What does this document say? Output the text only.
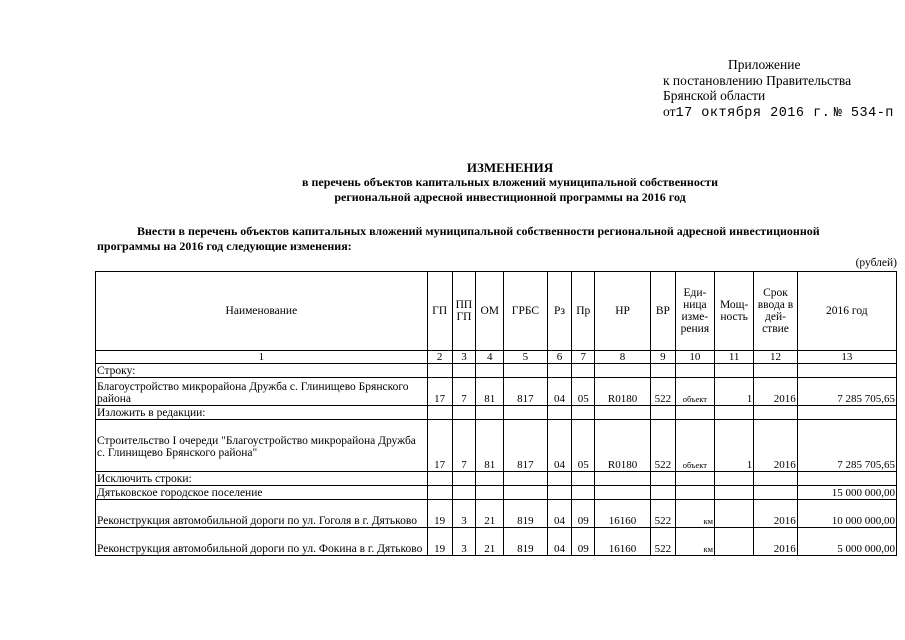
Приложение
к постановлению Правительства
Брянской области
от17 октября 2016 г. № 534-п
ИЗМЕНЕНИЯ
в перечень объектов капитальных вложений муниципальной собственности
региональной адресной инвестиционной программы на 2016 год
Внести в перечень объектов капитальных вложений муниципальной собственности региональной адресной инвестиционной программы на 2016 год следующие изменения:
(рублей)
Наименование	ГП	ПП ГП	ОМ	ГРБС	Рз	Пр	НР	ВР	Еди-ница изме-рения	Мощ-ность	Срок ввода в дей-ствие	2016 год
1	2	3	4	5	6	7	8	9	10	11	12	13
Строку:												
Благоустройство микрорайона Дружба с. Глинищево Брянского района	17	7	81	817	04	05	R0180	522	объект	1	2016	7 285 705,65
Изложить в редакции:												

Строительство I очереди "Благоустройство микрорайона Дружба с. Глинищево Брянского района"	17	7	81	817	04	05	R0180	522	объект	1	2016	7 285 705,65
Исключить строки:												
Дятьковское городское поселение												15 000 000,00
Реконструкция автомобильной дороги по ул. Гоголя в г. Дятьково	19	3	21	819	04	09	16160	522	км		2016	10 000 000,00
Реконструкция автомобильной дороги по ул. Фокина в г. Дятьково	19	3	21	819	04	09	16160	522	км		2016	5 000 000,00
